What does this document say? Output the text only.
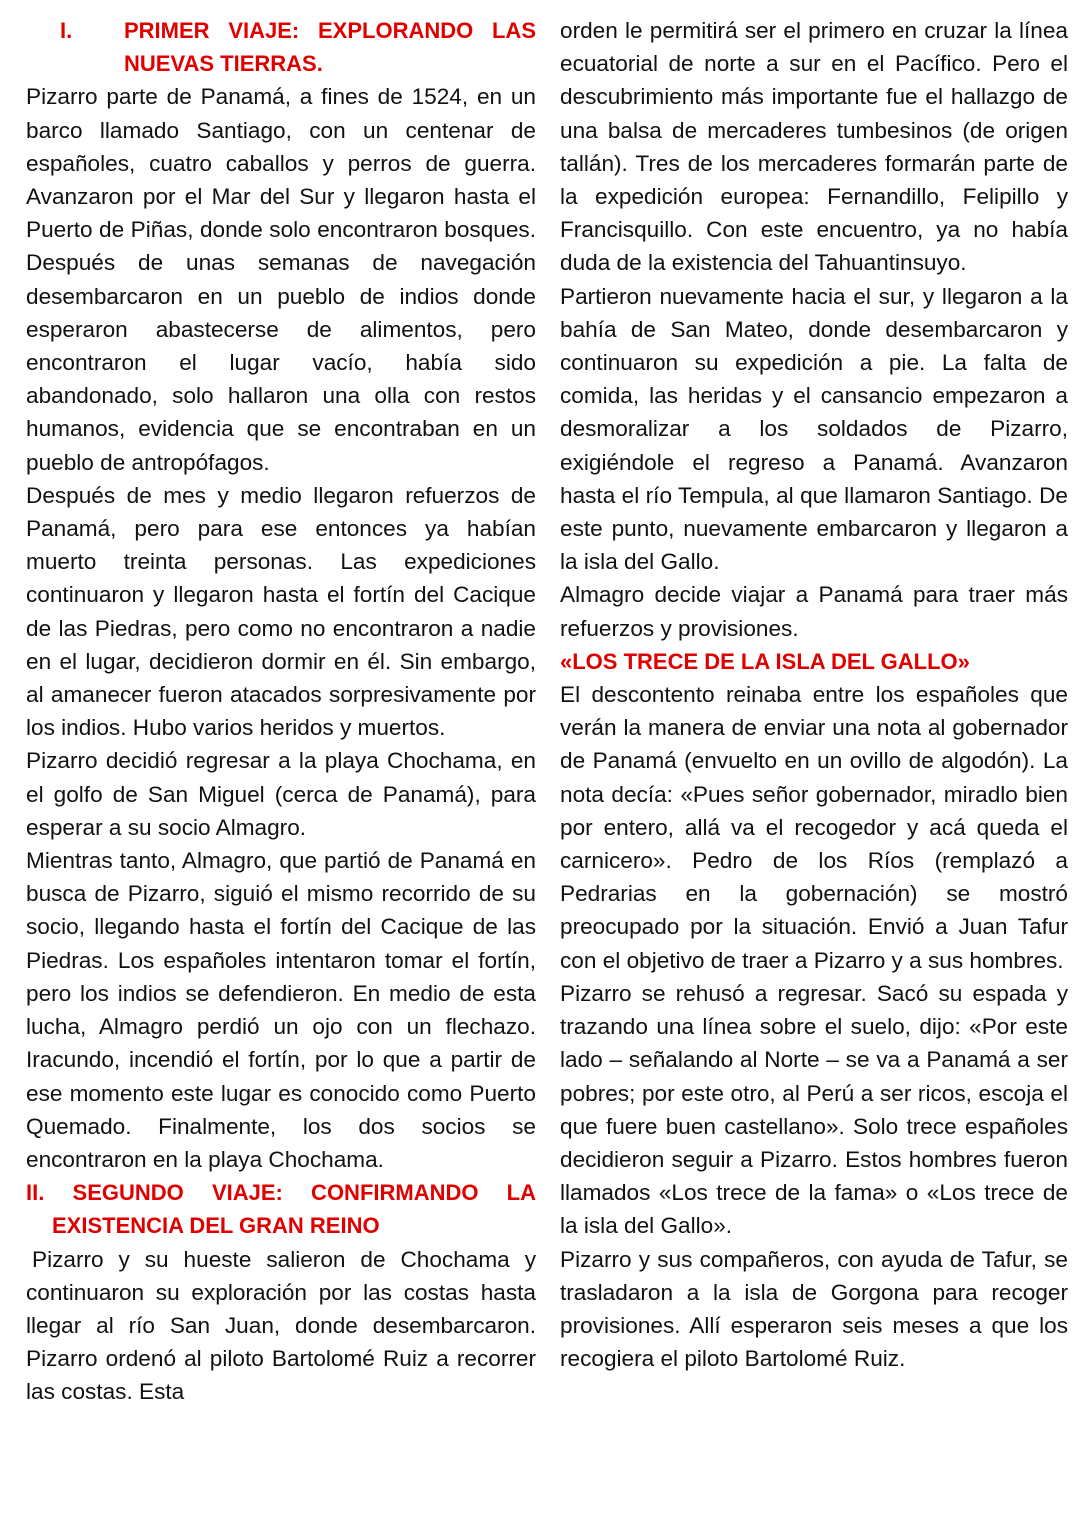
I.	PRIMER VIAJE: EXPLORANDO LAS
NUEVAS TIERRAS.

Pizarro parte de Panamá, a fines de 1524, en un barco llamado Santiago, con un centenar de españoles, cuatro caballos y perros de guerra. Avanzaron por el Mar del Sur y llegaron hasta el Puerto de Piñas, donde solo encontraron bosques. Después de unas semanas de navegación desembarcaron en un pueblo de indios donde esperaron abastecerse de alimentos, pero encontraron el lugar vacío, había sido abandonado, solo hallaron una olla con restos humanos, evidencia que se encontraban en un pueblo de antropófagos.

Después de mes y medio llegaron refuerzos de Panamá, pero para ese entonces ya habían muerto treinta personas. Las expediciones continuaron y llegaron hasta el fortín del Cacique de las Piedras, pero como no encontraron a nadie en el lugar, decidieron dormir en él. Sin embargo, al amanecer fueron atacados sorpresivamente por los indios. Hubo varios heridos y muertos.

Pizarro decidió regresar a la playa Chochama, en el golfo de San Miguel (cerca de Panamá), para esperar a su socio Almagro.

Mientras tanto, Almagro, que partió de Panamá en busca de Pizarro, siguió el mismo recorrido de su socio, llegando hasta el fortín del Cacique de las Piedras. Los españoles intentaron tomar el fortín, pero los indios se defendieron. En medio de esta lucha, Almagro perdió un ojo con un flechazo. Iracundo, incendió el fortín, por lo que a partir de ese momento este lugar es conocido como Puerto Quemado. Finalmente, los dos socios se encontraron en la playa Chochama.

II. SEGUNDO VIAJE: CONFIRMANDO LA
EXISTENCIA DEL GRAN REINO

Pizarro y su hueste salieron de Chochama y continuaron su exploración por las costas hasta llegar al río San Juan, donde desembarcaron. Pizarro ordenó al piloto Bartolomé Ruiz a recorrer las costas. Esta

orden le permitirá ser el primero en cruzar la línea ecuatorial de norte a sur en el Pacífico. Pero el descubrimiento más importante fue el hallazgo de una balsa de mercaderes tumbesinos (de origen tallán). Tres de los mercaderes formarán parte de la expedición europea: Fernandillo, Felipillo y Francisquillo. Con este encuentro, ya no había duda de la existencia del Tahuantinsuyo.

Partieron nuevamente hacia el sur, y llegaron a la bahía de San Mateo, donde desembarcaron y continuaron su expedición a pie. La falta de comida, las heridas y el cansancio empezaron a desmoralizar a los soldados de Pizarro, exigiéndole el regreso a Panamá. Avanzaron hasta el río Tempula, al que llamaron Santiago. De este punto, nuevamente embarcaron y llegaron a la isla del Gallo.

Almagro decide viajar a Panamá para traer más refuerzos y provisiones.

«LOS TRECE DE LA ISLA DEL GALLO»

El descontento reinaba entre los españoles que verán la manera de enviar una nota al gobernador de Panamá (envuelto en un ovillo de algodón). La nota decía: «Pues señor gobernador, miradlo bien por entero, allá va el recogedor y acá queda el carnicero». Pedro de los Ríos (remplazó a Pedrarias en la gobernación) se mostró preocupado por la situación. Envió a Juan Tafur con el objetivo de traer a Pizarro y a sus hombres.

Pizarro se rehusó a regresar. Sacó su espada y trazando una línea sobre el suelo, dijo: «Por este lado – señalando al Norte – se va a Panamá a ser pobres; por este otro, al Perú a ser ricos, escoja el que fuere buen castellano». Solo trece españoles decidieron seguir a Pizarro. Estos hombres fueron llamados «Los trece de la fama» o «Los trece de la isla del Gallo».

Pizarro y sus compañeros, con ayuda de Tafur, se trasladaron a la isla de Gorgona para recoger provisiones. Allí esperaron seis meses a que los recogiera el piloto Bartolomé Ruiz.
